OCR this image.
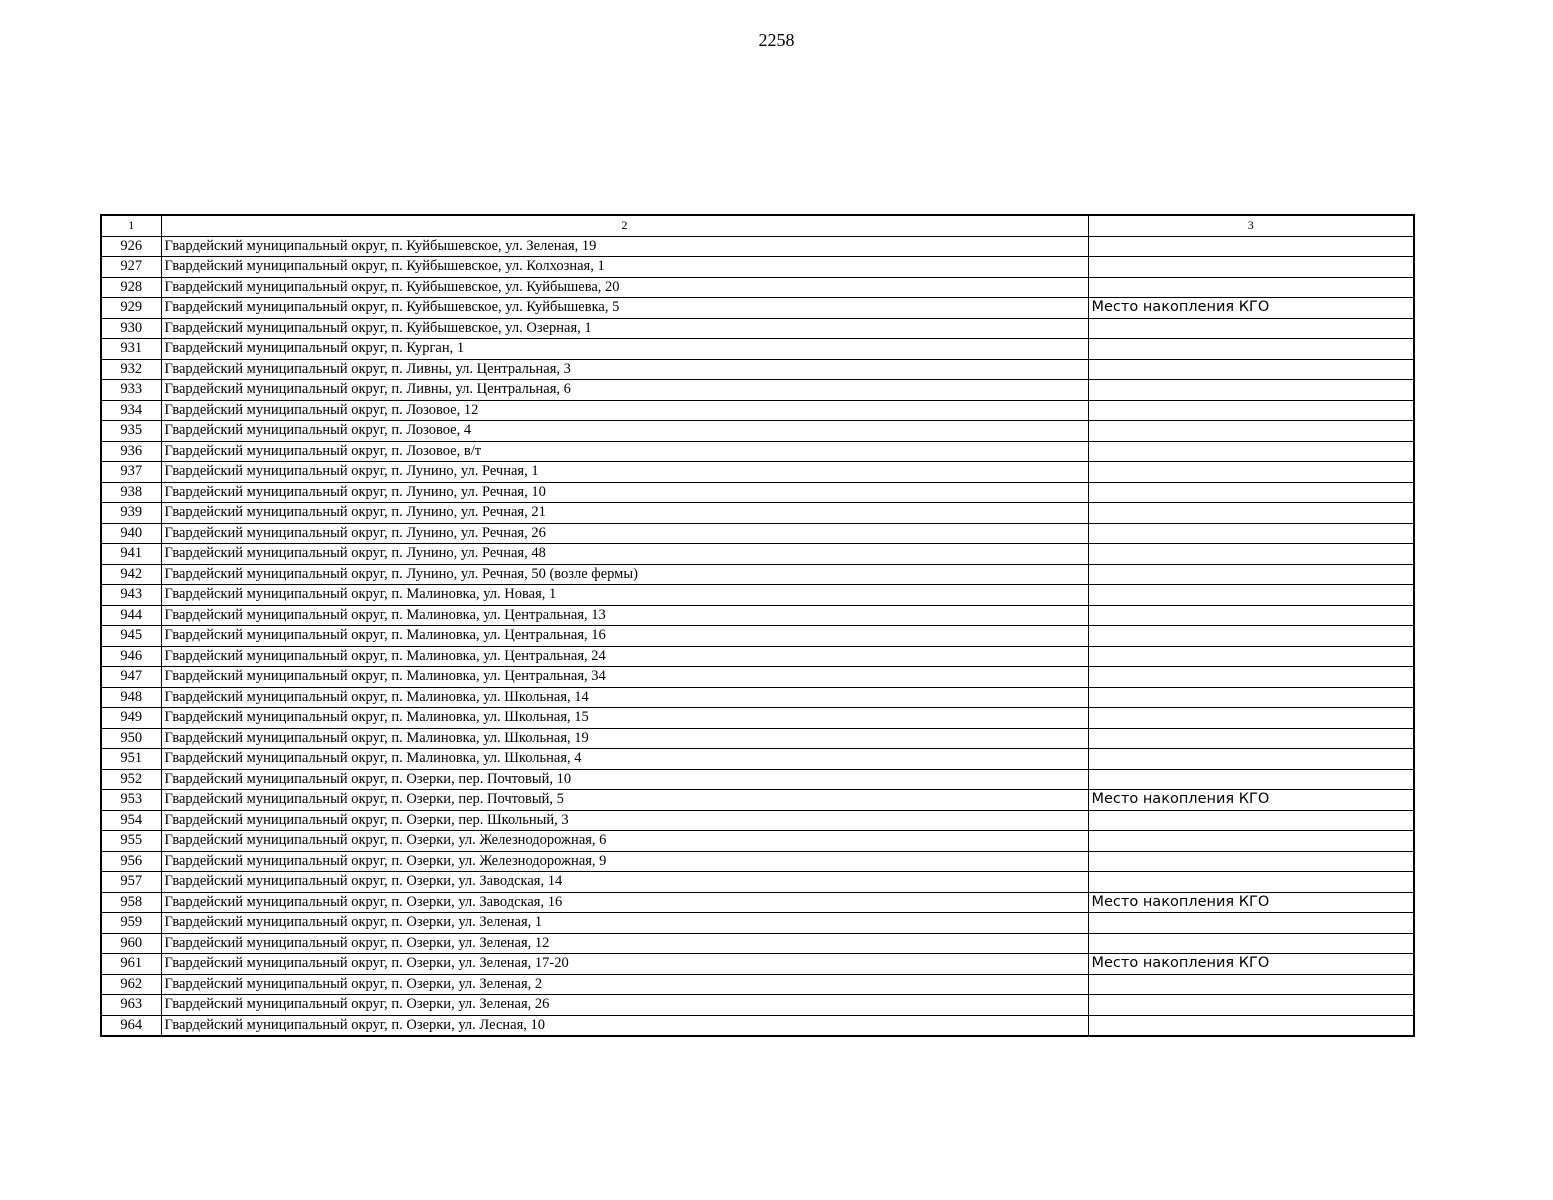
2258
1	2	3
926	Гвардейский муниципальный округ, п. Куйбышевское, ул. Зеленая, 19	
927	Гвардейский муниципальный округ, п. Куйбышевское, ул. Колхозная, 1	
928	Гвардейский муниципальный округ, п. Куйбышевское, ул. Куйбышева, 20	
929	Гвардейский муниципальный округ, п. Куйбышевское, ул. Куйбышевка, 5	Место накопления КГО
930	Гвардейский муниципальный округ, п. Куйбышевское, ул. Озерная, 1	
931	Гвардейский муниципальный округ, п. Курган, 1	
932	Гвардейский муниципальный округ, п. Ливны, ул. Центральная, 3	
933	Гвардейский муниципальный округ, п. Ливны, ул. Центральная, 6	
934	Гвардейский муниципальный округ, п. Лозовое, 12	
935	Гвардейский муниципальный округ, п. Лозовое, 4	
936	Гвардейский муниципальный округ, п. Лозовое, в/т	
937	Гвардейский муниципальный округ, п. Лунино, ул. Речная, 1	
938	Гвардейский муниципальный округ, п. Лунино, ул. Речная, 10	
939	Гвардейский муниципальный округ, п. Лунино, ул. Речная, 21	
940	Гвардейский муниципальный округ, п. Лунино, ул. Речная, 26	
941	Гвардейский муниципальный округ, п. Лунино, ул. Речная, 48	
942	Гвардейский муниципальный округ, п. Лунино, ул. Речная, 50 (возле фермы)	
943	Гвардейский муниципальный округ, п. Малиновка, ул. Новая, 1	
944	Гвардейский муниципальный округ, п. Малиновка, ул. Центральная, 13	
945	Гвардейский муниципальный округ, п. Малиновка, ул. Центральная, 16	
946	Гвардейский муниципальный округ, п. Малиновка, ул. Центральная, 24	
947	Гвардейский муниципальный округ, п. Малиновка, ул. Центральная, 34	
948	Гвардейский муниципальный округ, п. Малиновка, ул. Школьная, 14	
949	Гвардейский муниципальный округ, п. Малиновка, ул. Школьная, 15	
950	Гвардейский муниципальный округ, п. Малиновка, ул. Школьная, 19	
951	Гвардейский муниципальный округ, п. Малиновка, ул. Школьная, 4	
952	Гвардейский муниципальный округ, п. Озерки, пер. Почтовый, 10	
953	Гвардейский муниципальный округ, п. Озерки, пер. Почтовый, 5	Место накопления КГО
954	Гвардейский муниципальный округ, п. Озерки, пер. Школьный, 3	
955	Гвардейский муниципальный округ, п. Озерки, ул. Железнодорожная, 6	
956	Гвардейский муниципальный округ, п. Озерки, ул. Железнодорожная, 9	
957	Гвардейский муниципальный округ, п. Озерки, ул. Заводская, 14	
958	Гвардейский муниципальный округ, п. Озерки, ул. Заводская, 16	Место накопления КГО
959	Гвардейский муниципальный округ, п. Озерки, ул. Зеленая, 1	
960	Гвардейский муниципальный округ, п. Озерки, ул. Зеленая, 12	
961	Гвардейский муниципальный округ, п. Озерки, ул. Зеленая, 17-20	Место накопления КГО
962	Гвардейский муниципальный округ, п. Озерки, ул. Зеленая, 2	
963	Гвардейский муниципальный округ, п. Озерки, ул. Зеленая, 26	
964	Гвардейский муниципальный округ, п. Озерки, ул. Лесная, 10	
